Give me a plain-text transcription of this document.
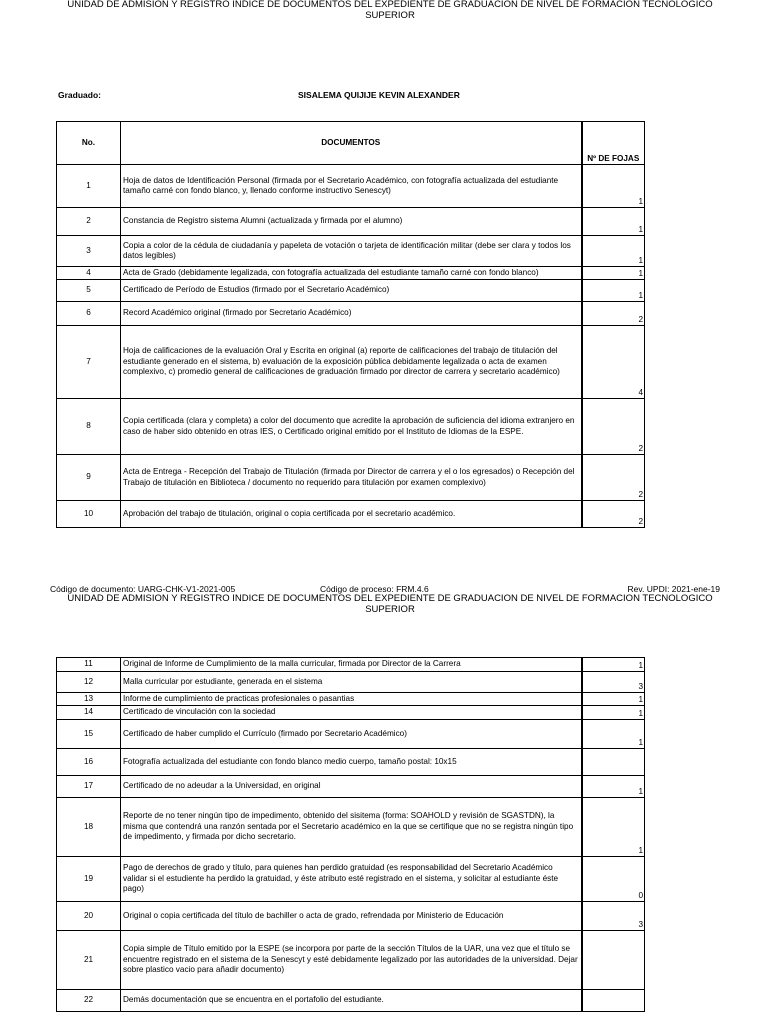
UNIDAD DE ADMISION Y REGISTRO INDICE DE DOCUMENTOS DEL EXPEDIENTE DE GRADUACION DE NIVEL DE FORMACION TECNOLOGICO
SUPERIOR
Graduado:	SISALEMA QUIJIJE KEVIN ALEXANDER
No.	DOCUMENTOS	Nº DE FOJAS
1	Hoja de datos de Identificación Personal (firmada por el Secretario Académico, con fotografía actualizada del estudiante tamaño carné con fondo blanco, y, llenado conforme instructivo Senescyt)	1
2	Constancia de Registro sistema Alumni (actualizada y firmada por el alumno)	1
3	Copia a color de la cédula de ciudadanía y papeleta de votación o tarjeta de identificación militar (debe ser clara y todos los datos legibles)	1
4	Acta de Grado (debidamente legalizada, con fotografía actualizada del estudiante tamaño carné con fondo blanco)	1
5	Certificado de Período de Estudios (firmado por el Secretario Académico)	1
6	Record Académico original (firmado por Secretario Académico)	2
7	Hoja de calificaciones de la evaluación Oral y Escrita en original (a) reporte de calificaciones del trabajo de titulación del estudiante generado en el sistema, b) evaluación de la exposición pública debidamente legalizada o acta de examen complexivo, c) promedio general de calificaciones de graduación firmado por director de carrera y secretario académico)	4
8	Copia certificada (clara y completa) a color del documento que acredite la aprobación de suficiencia del idioma extranjero en caso de haber sido obtenido en otras IES, o Certificado original emitido por el Instituto de Idiomas de la ESPE.	2
9	Acta de Entrega - Recepción del Trabajo de Titulación (firmada por Director de carrera y el o los egresados) o Recepción del Trabajo de titulación en Biblioteca / documento no requerido para titulación por examen complexivo)	2
10	Aprobación del trabajo de titulación, original o copia certificada por el secretario académico.	2
Código de documento: UARG-CHK-V1-2021-005	Código de proceso: FRM.4.6	Rev. UPDI: 2021-ene-19
UNIDAD DE ADMISION Y REGISTRO INDICE DE DOCUMENTOS DEL EXPEDIENTE DE GRADUACION DE NIVEL DE FORMACION TECNOLOGICO
SUPERIOR
11	Original de Informe de Cumplimiento de la malla curricular, firmada por Director de la Carrera	1
12	Malla curricular por estudiante, generada en el sistema	3
13	Informe de cumplimiento de practicas profesionales o pasantias	1
14	Certificado de vinculación con la sociedad	1
15	Certificado de haber cumplido el Currículo (firmado por Secretario Académico)	1
16	Fotografía actualizada del estudiante con fondo blanco medio cuerpo, tamaño postal: 10x15	
17	Certificado de no adeudar a la Universidad, en original	1
18	Reporte de no tener ningún tipo de impedimento, obtenido del sisitema (forma: SOAHOLD y revisión de SGASTDN), la misma que contendrá una ranzón sentada por el Secretario académico en la que se certifique que no se registra ningún tipo de impedimento, y firmada por dicho secretario.	1
19	Pago de derechos de grado y título, para quienes han perdido gratuidad (es responsabilidad del Secretario Académico validar si el estudiente ha perdido la gratuidad, y éste atributo esté registrado en el sistema, y solicitar al estudiante éste pago)	0
20	Original o copia certificada del título de bachiller o acta de grado, refrendada por Ministerio de Educación	3
21	Copia simple de Título emitido por la ESPE (se incorpora por parte de la sección Títulos de la UAR, una vez que el título se encuentre registrado en el sistema de la Senescyt y esté debidamente legalizado por las autoridades de la universidad. Dejar sobre plastico vacio para añadir documento)	
22	Demás documentación que se encuentra en el portafolio del estudiante.	
